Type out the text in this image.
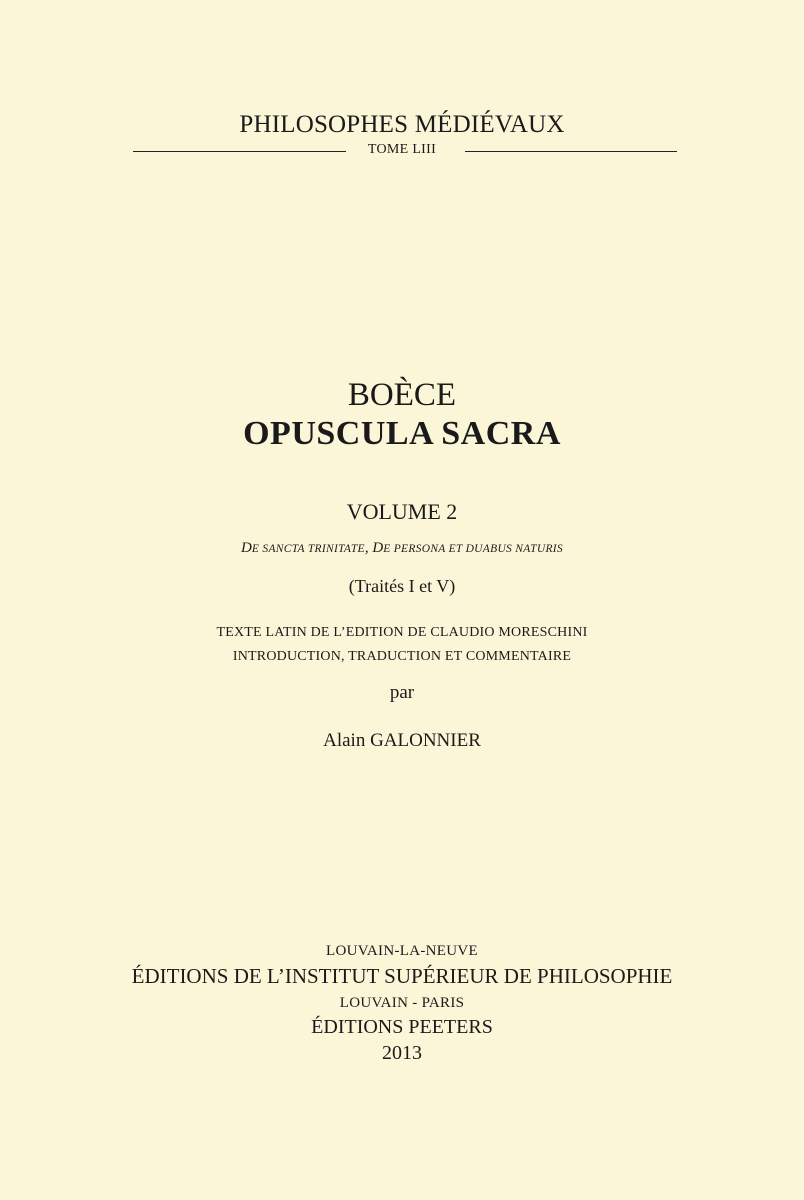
PHILOSOPHES MÉDIÉVAUX
TOME LIII
BOÈCE
OPUSCULA SACRA
VOLUME 2
DE SANCTA TRINITATE, DE PERSONA ET DUABUS NATURIS
(Traités I et V)
TEXTE LATIN DE L’EDITION DE CLAUDIO MORESCHINI
INTRODUCTION, TRADUCTION ET COMMENTAIRE
par
Alain GALONNIER
LOUVAIN-LA-NEUVE
ÉDITIONS DE L’INSTITUT SUPÉRIEUR DE PHILOSOPHIE
LOUVAIN - PARIS
ÉDITIONS PEETERS
2013
